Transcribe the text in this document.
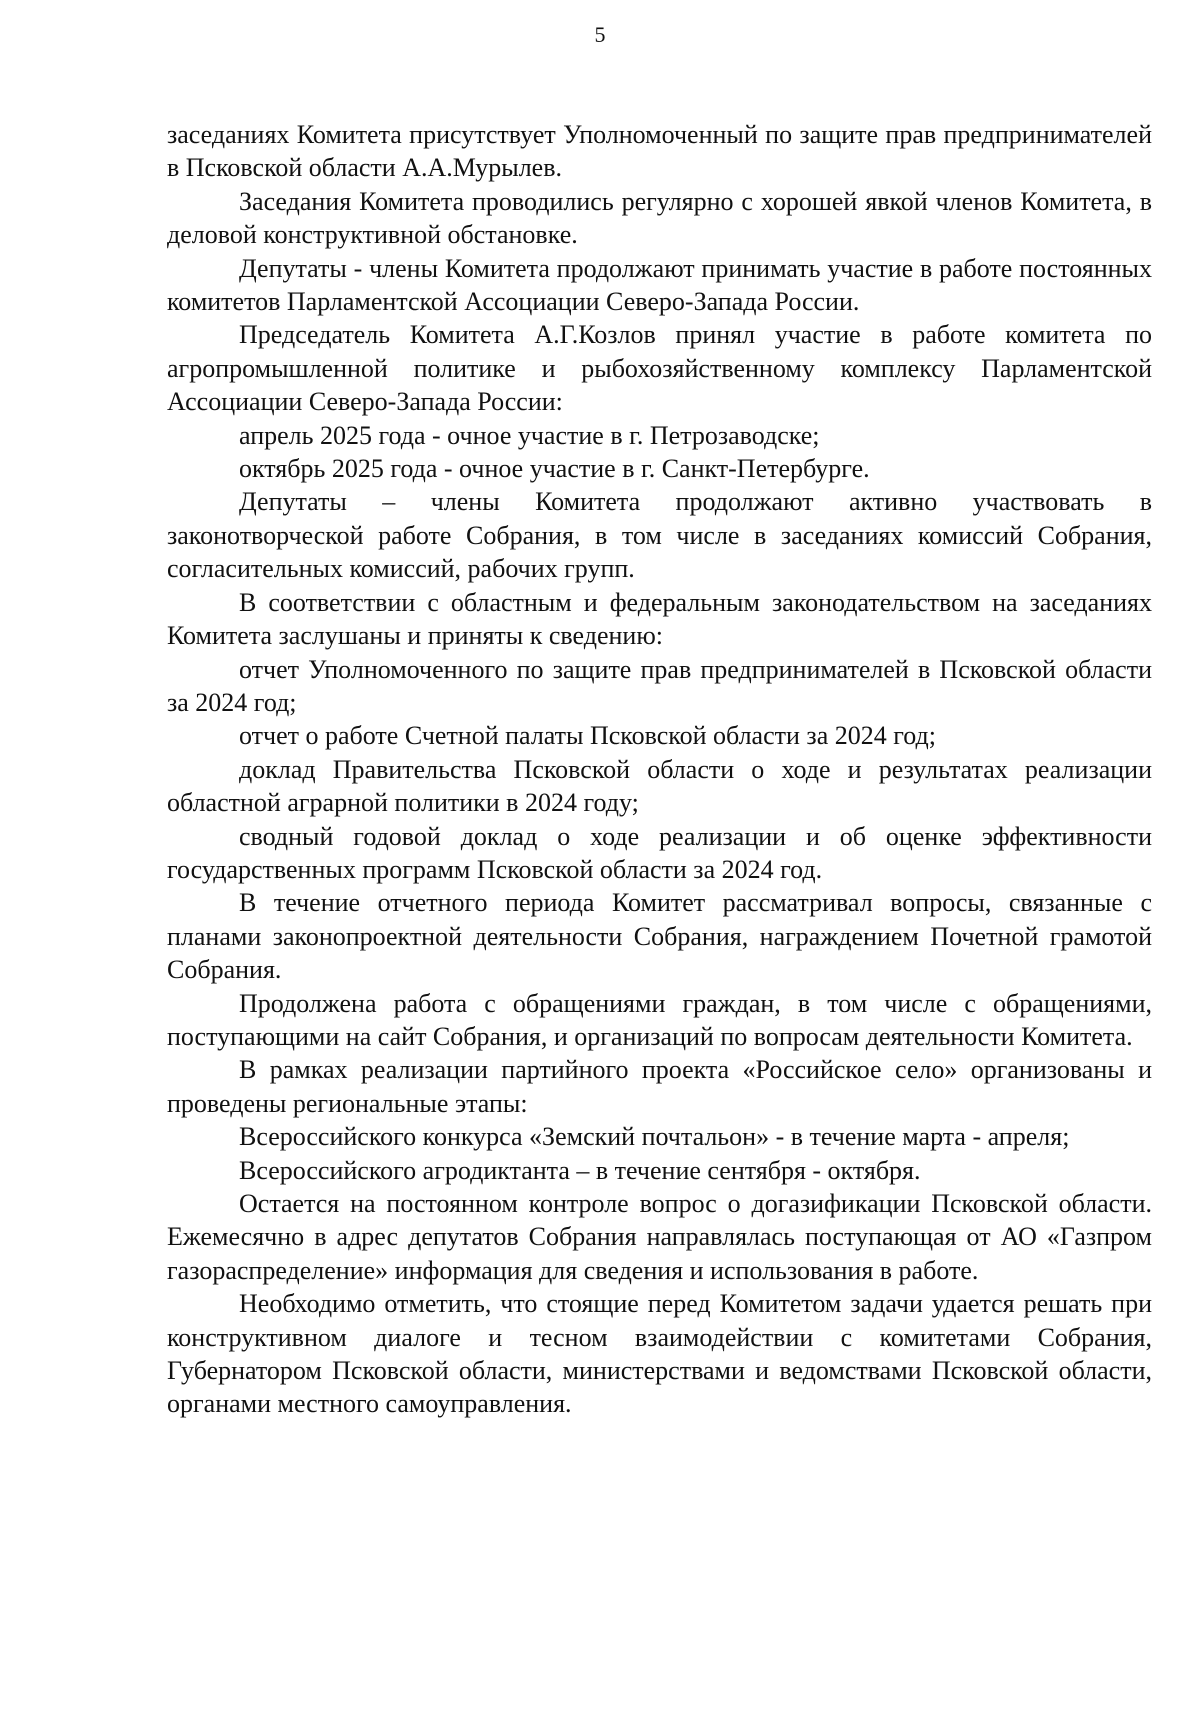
5

заседаниях Комитета присутствует Уполномоченный по защите прав предпринимателей в Псковской области А.А.Мурылев.

Заседания Комитета проводились регулярно с хорошей явкой членов Комитета, в деловой конструктивной обстановке.

Депутаты - члены Комитета продолжают принимать участие в работе постоянных комитетов Парламентской Ассоциации Северо-Запада России.

Председатель Комитета А.Г.Козлов принял участие в работе комитета по агропромышленной политике и рыбохозяйственному комплексу Парламентской Ассоциации Северо-Запада России:

апрель 2025 года - очное участие в г. Петрозаводске;

октябрь 2025 года - очное участие в г. Санкт-Петербурге.

Депутаты – члены Комитета продолжают активно участвовать в законотворческой работе Собрания, в том числе в заседаниях комиссий Собрания, согласительных комиссий, рабочих групп.

В соответствии с областным и федеральным законодательством на заседаниях Комитета заслушаны и приняты к сведению:

отчет Уполномоченного по защите прав предпринимателей в Псковской области за 2024 год;

отчет о работе Счетной палаты Псковской области за 2024 год;

доклад Правительства Псковской области о ходе и результатах реализации областной аграрной политики в 2024 году;

сводный годовой доклад о ходе реализации и об оценке эффективности государственных программ Псковской области за 2024 год.

В течение отчетного периода Комитет рассматривал вопросы, связанные с планами законопроектной деятельности Собрания, награждением Почетной грамотой Собрания.

Продолжена работа с обращениями граждан, в том числе с обращениями, поступающими на сайт Собрания, и организаций по вопросам деятельности Комитета.

В рамках реализации партийного проекта «Российское село» организованы и проведены региональные этапы:

Всероссийского конкурса «Земский почтальон» - в течение марта - апреля;

Всероссийского агродиктанта – в течение сентября - октября.

Остается на постоянном контроле вопрос о догазификации Псковской области. Ежемесячно в адрес депутатов Собрания направлялась поступающая от АО «Газпром газораспределение» информация для сведения и использования в работе.

Необходимо отметить, что стоящие перед Комитетом задачи удается решать при конструктивном диалоге и тесном взаимодействии с комитетами Собрания, Губернатором Псковской области, министерствами и ведомствами Псковской области, органами местного самоуправления.
